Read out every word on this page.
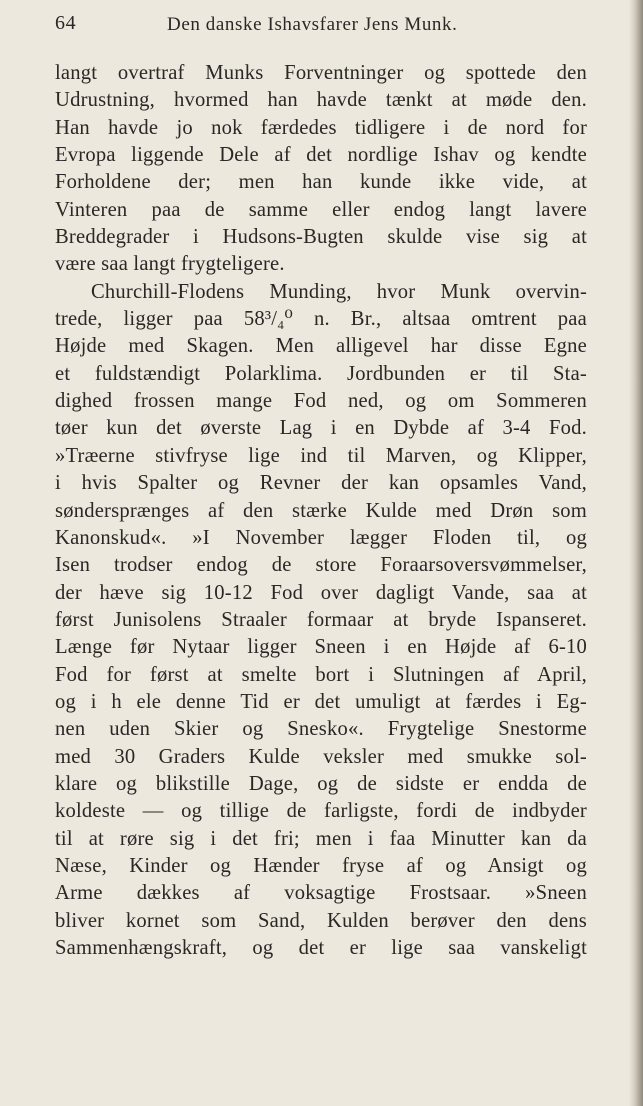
64	Den danske Ishavsfarer Jens Munk.
langt overtraf Munks Forventninger og spottede den
Udrustning, hvormed han havde tænkt at møde den.
Han havde jo nok færdedes tidligere i de nord for
Evropa liggende Dele af det nordlige Ishav og kendte
Forholdene der; men han kunde ikke vide, at
Vinteren paa de samme eller endog langt lavere
Breddegrader i Hudsons-Bugten skulde vise sig at
være saa langt frygteligere.
Churchill-Flodens Munding, hvor Munk overvin-
trede, ligger paa 58³/₄⁰ n. Br., altsaa omtrent paa
Højde med Skagen. Men alligevel har disse Egne
et fuldstændigt Polarklima. Jordbunden er til Sta-
dighed frossen mange Fod ned, og om Sommeren
tøer kun det øverste Lag i en Dybde af 3-4 Fod.
»Træerne stivfryse lige ind til Marven, og Klipper,
i hvis Spalter og Revner der kan opsamles Vand,
søndersprænges af den stærke Kulde med Drøn som
Kanonskud«. »I November lægger Floden til, og
Isen trodser endog de store Foraarsoversvømmelser,
der hæve sig 10-12 Fod over dagligt Vande, saa at
først Junisolens Straaler formaar at bryde Ispanseret.
Længe før Nytaar ligger Sneen i en Højde af 6-10
Fod for først at smelte bort i Slutningen af April,
og i h ele denne Tid er det umuligt at færdes i Eg-
nen uden Skier og Snesko«. Frygtelige Snestorme
med 30 Graders Kulde veksler med smukke sol-
klare og blikstille Dage, og de sidste er endda de
koldeste — og tillige de farligste, fordi de indbyder
til at røre sig i det fri; men i faa Minutter kan da
Næse, Kinder og Hænder fryse af og Ansigt og
Arme dækkes af voksagtige Frostsaar. »Sneen
bliver kornet som Sand, Kulden berøver den dens
Sammenhængskraft, og det er lige saa vanskeligt
